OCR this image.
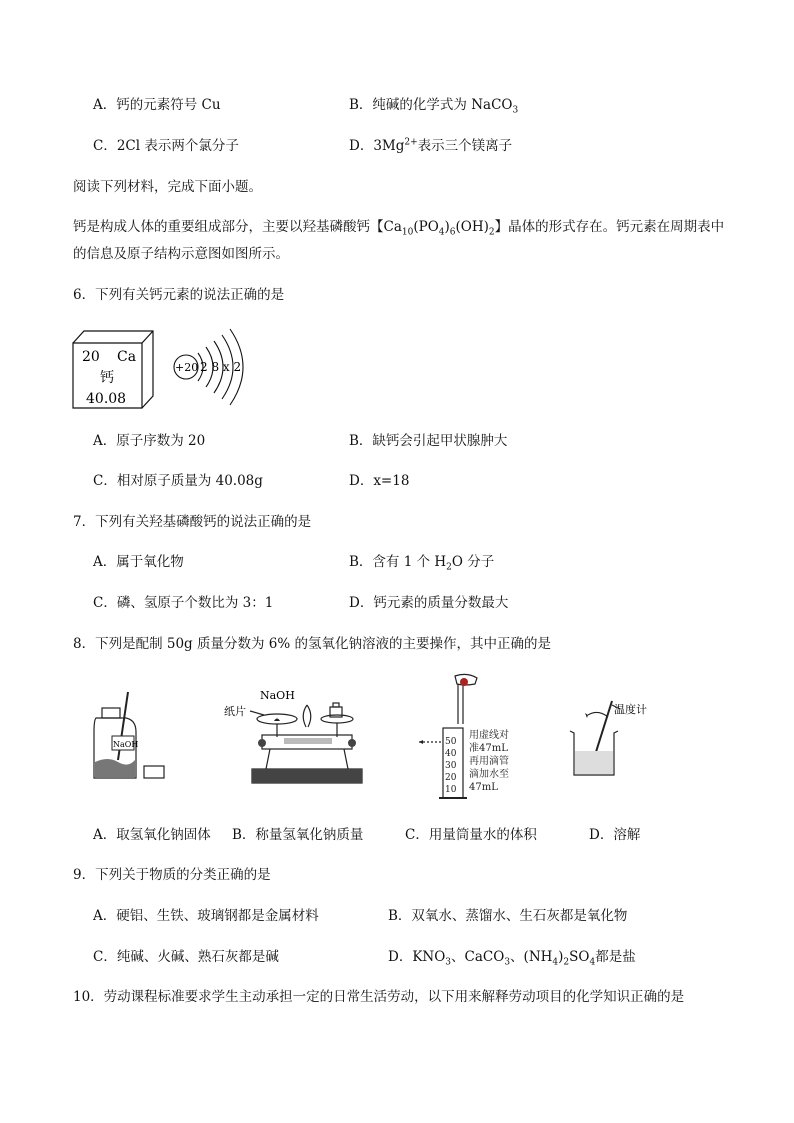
A．钙的元素符号 Cu	B．纯碱的化学式为 NaCO$_3$
C．2Cl 表示两个氯分子	D．$3Mg^{2+}$表示三个镁离子
阅读下列材料，完成下面小题。
钙是构成人体的重要组成部分，主要以羟基磷酸钙【$Ca_{10}(PO_4)_6(OH)_2$】晶体的形式存在。钙元素在周期表中
的信息及原子结构示意图如图所示。
6．下列有关钙元素的说法正确的是
20 Ca
钙
40.08
+20 2 8 x 2
A．原子序数为 20	B．缺钙会引起甲状腺肿大
C．相对原子质量为 40.08g	D．x=18
7．下列有关羟基磷酸钙的说法正确的是
A．属于氧化物	B．含有 1 个 $H_2O$ 分子
C．磷、氢原子个数比为 3：1	D．钙元素的质量分数最大
8．下列是配制 50g 质量分数为 6% 的氢氧化钠溶液的主要操作，其中正确的是
NaOH
NaOH
纸片
50
40
30
20
10
用虚线对
准47mL
再用滴管
滴加水至
47mL
温度计
A．取氢氧化钠固体 B．称量氢氧化钠质量	C．用量筒量水的体积	D．溶解
9．下列关于物质的分类正确的是
A．硬铝、生铁、玻璃钢都是金属材料	B．双氧水、蒸馏水、生石灰都是氧化物
C．纯碱、火碱、熟石灰都是碱	D．$KNO_3$、CaCO$_3$、$(NH_4)_2SO_4$都是盐
10．劳动课程标准要求学生主动承担一定的日常生活劳动，以下用来解释劳动项目的化学知识正确的是
